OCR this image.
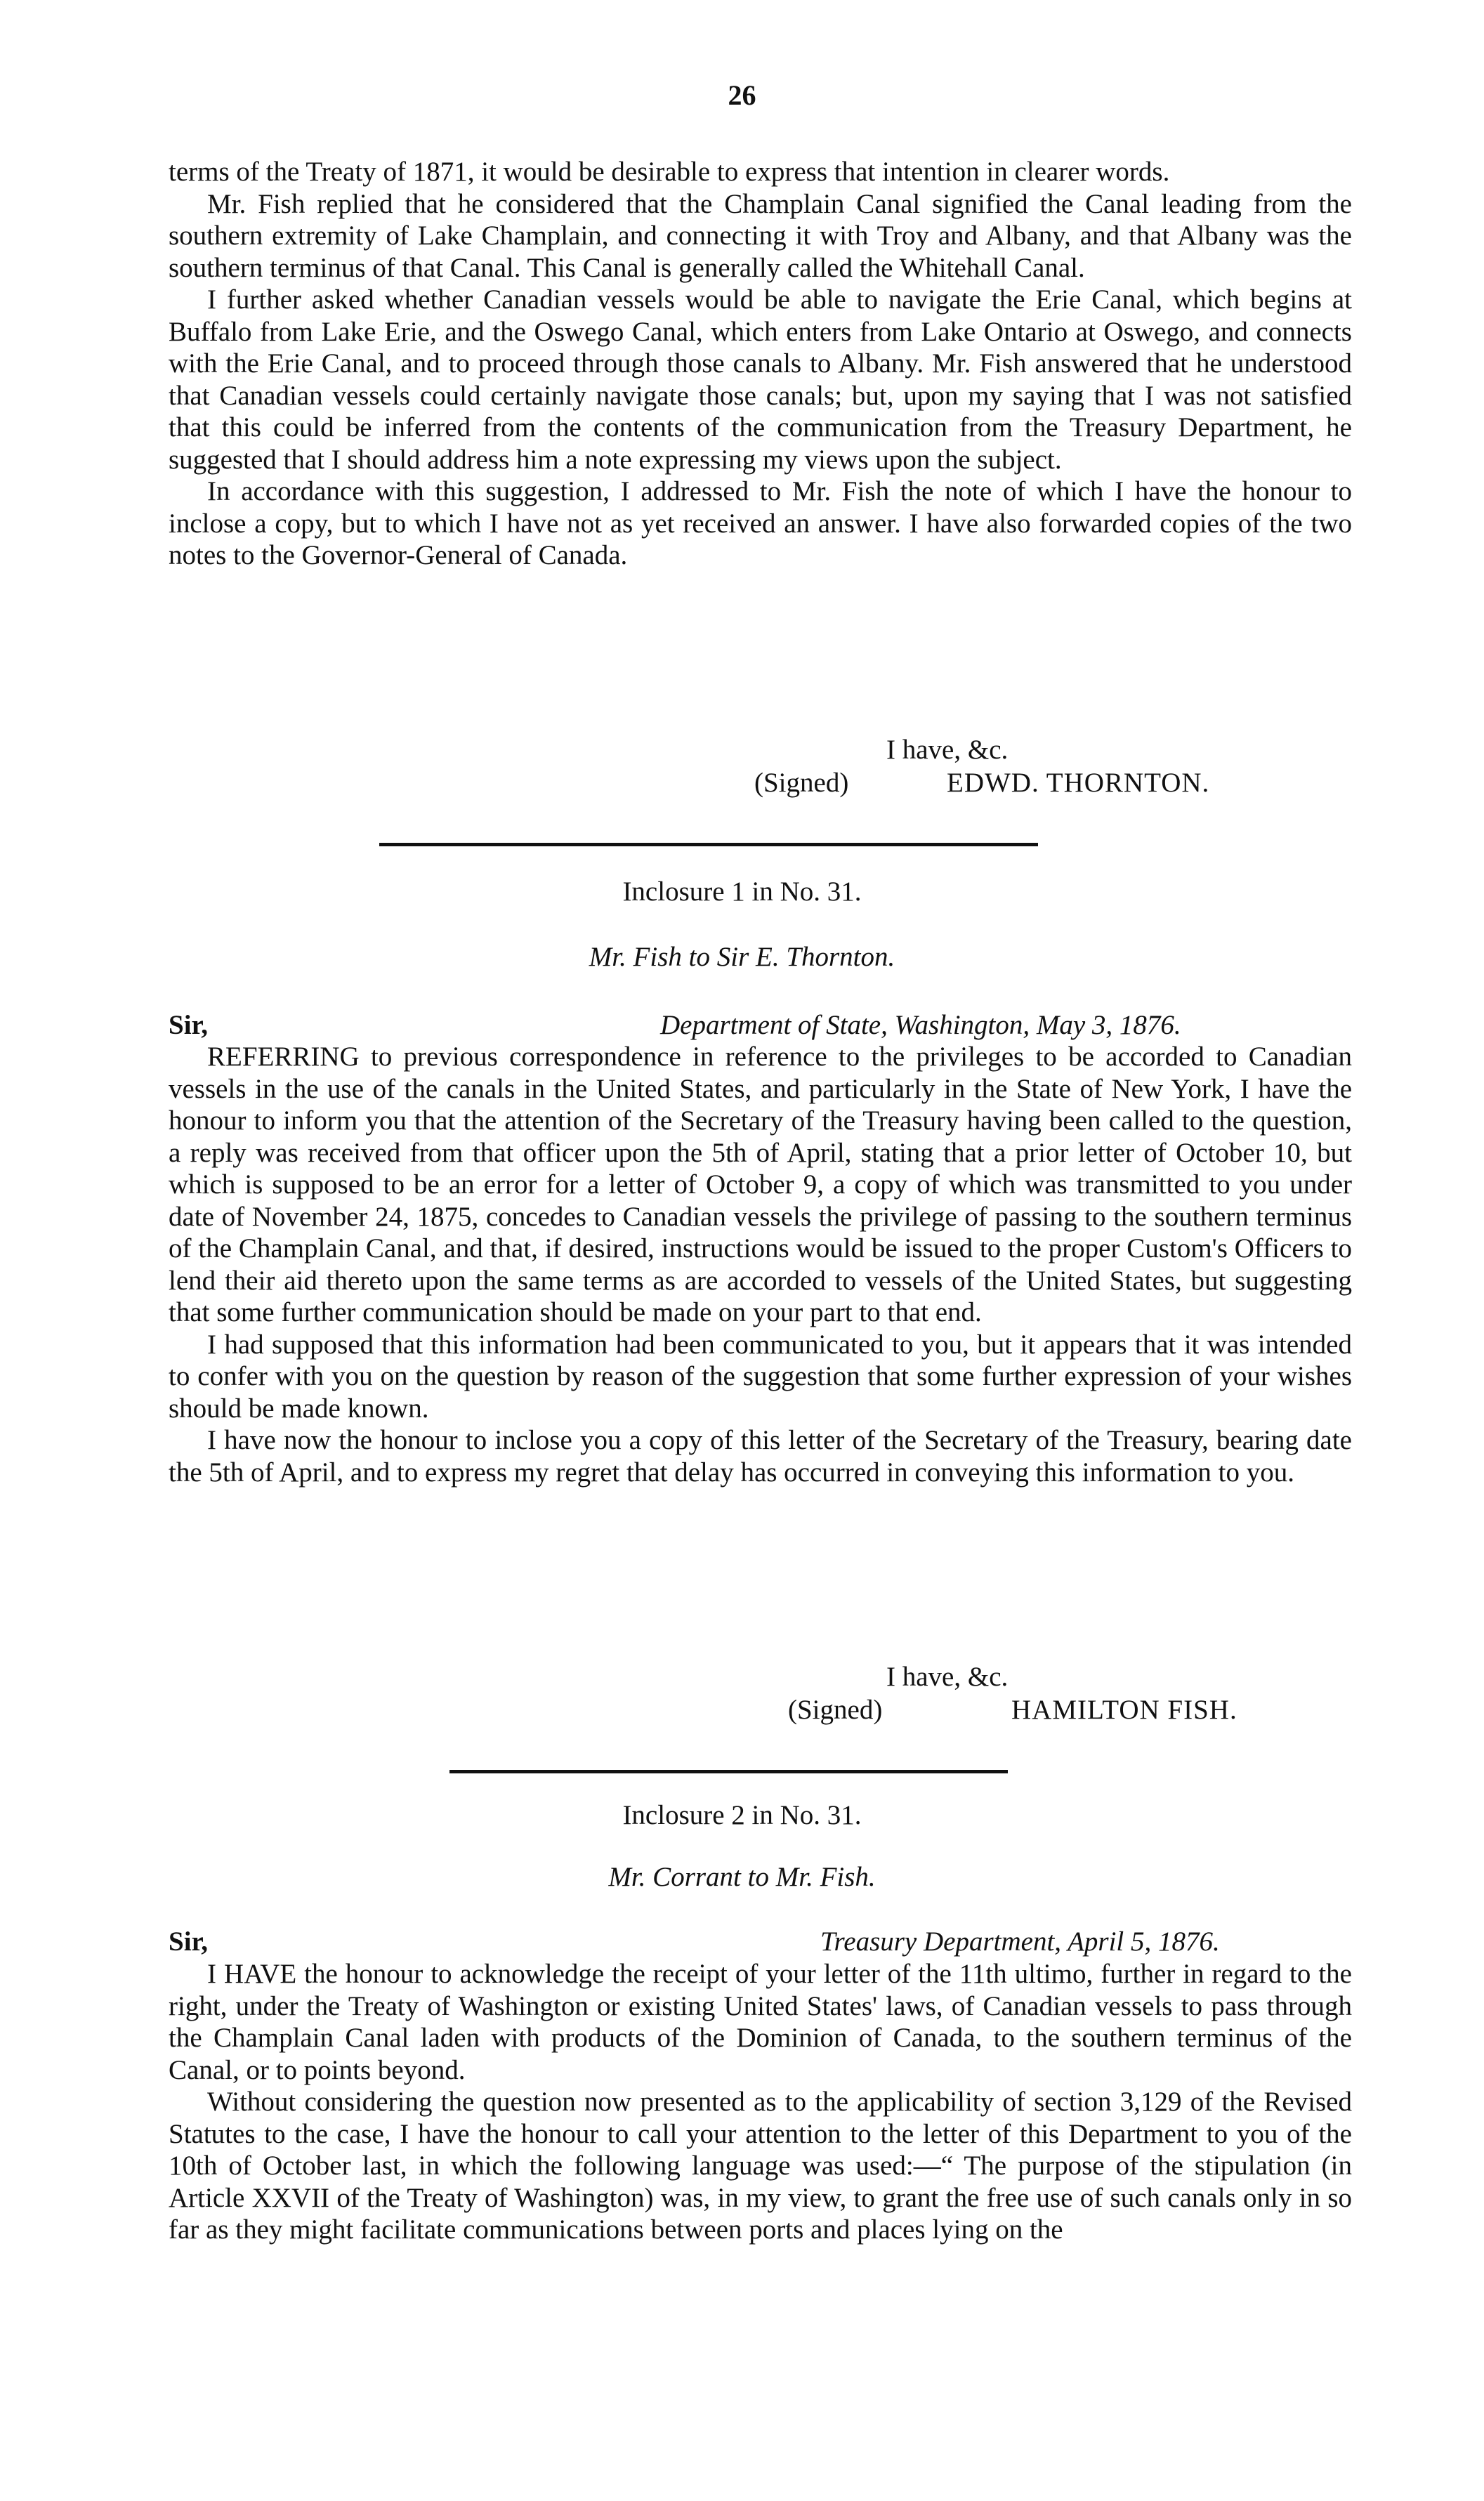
26

terms of the Treaty of 1871, it would be desirable to express that intention in clearer words.

Mr. Fish replied that he considered that the Champlain Canal signified the Canal leading from the southern extremity of Lake Champlain, and connecting it with Troy and Albany, and that Albany was the southern terminus of that Canal. This Canal is generally called the Whitehall Canal.

I further asked whether Canadian vessels would be able to navigate the Erie Canal, which begins at Buffalo from Lake Erie, and the Oswego Canal, which enters from Lake Ontario at Oswego, and connects with the Erie Canal, and to proceed through those canals to Albany. Mr. Fish answered that he understood that Canadian vessels could certainly navigate those canals; but, upon my saying that I was not satisfied that this could be inferred from the contents of the communication from the Treasury Department, he suggested that I should address him a note expressing my views upon the subject.

In accordance with this suggestion, I addressed to Mr. Fish the note of which I have the honour to inclose a copy, but to which I have not as yet received an answer. I have also forwarded copies of the two notes to the Governor-General of Canada.

I have, &c.
(Signed)	EDWD. THORNTON.
Inclosure 1 in No. 31.
Mr. Fish to Sir E. Thornton.
Sir,	Department of State, Washington, May 3, 1876.

REFERRING to previous correspondence in reference to the privileges to be accorded to Canadian vessels in the use of the canals in the United States, and particularly in the State of New York, I have the honour to inform you that the attention of the Secretary of the Treasury having been called to the question, a reply was received from that officer upon the 5th of April, stating that a prior letter of October 10, but which is supposed to be an error for a letter of October 9, a copy of which was transmitted to you under date of November 24, 1875, concedes to Canadian vessels the privilege of passing to the southern terminus of the Champlain Canal, and that, if desired, instructions would be issued to the proper Custom's Officers to lend their aid thereto upon the same terms as are accorded to vessels of the United States, but suggesting that some further communication should be made on your part to that end.

I had supposed that this information had been communicated to you, but it appears that it was intended to confer with you on the question by reason of the suggestion that some further expression of your wishes should be made known.

I have now the honour to inclose you a copy of this letter of the Secretary of the Treasury, bearing date the 5th of April, and to express my regret that delay has occurred in conveying this information to you.

I have, &c.
(Signed)	HAMILTON FISH.
Inclosure 2 in No. 31.
Mr. Corrant to Mr. Fish.
Sir,	Treasury Department, April 5, 1876.

I HAVE the honour to acknowledge the receipt of your letter of the 11th ultimo, further in regard to the right, under the Treaty of Washington or existing United States' laws, of Canadian vessels to pass through the Champlain Canal laden with products of the Dominion of Canada, to the southern terminus of the Canal, or to points beyond.

Without considering the question now presented as to the applicability of section 3,129 of the Revised Statutes to the case, I have the honour to call your attention to the letter of this Department to you of the 10th of October last, in which the following language was used:—“ The purpose of the stipulation (in Article XXVII of the Treaty of Washington) was, in my view, to grant the free use of such canals only in so far as they might facilitate communications between ports and places lying on the
